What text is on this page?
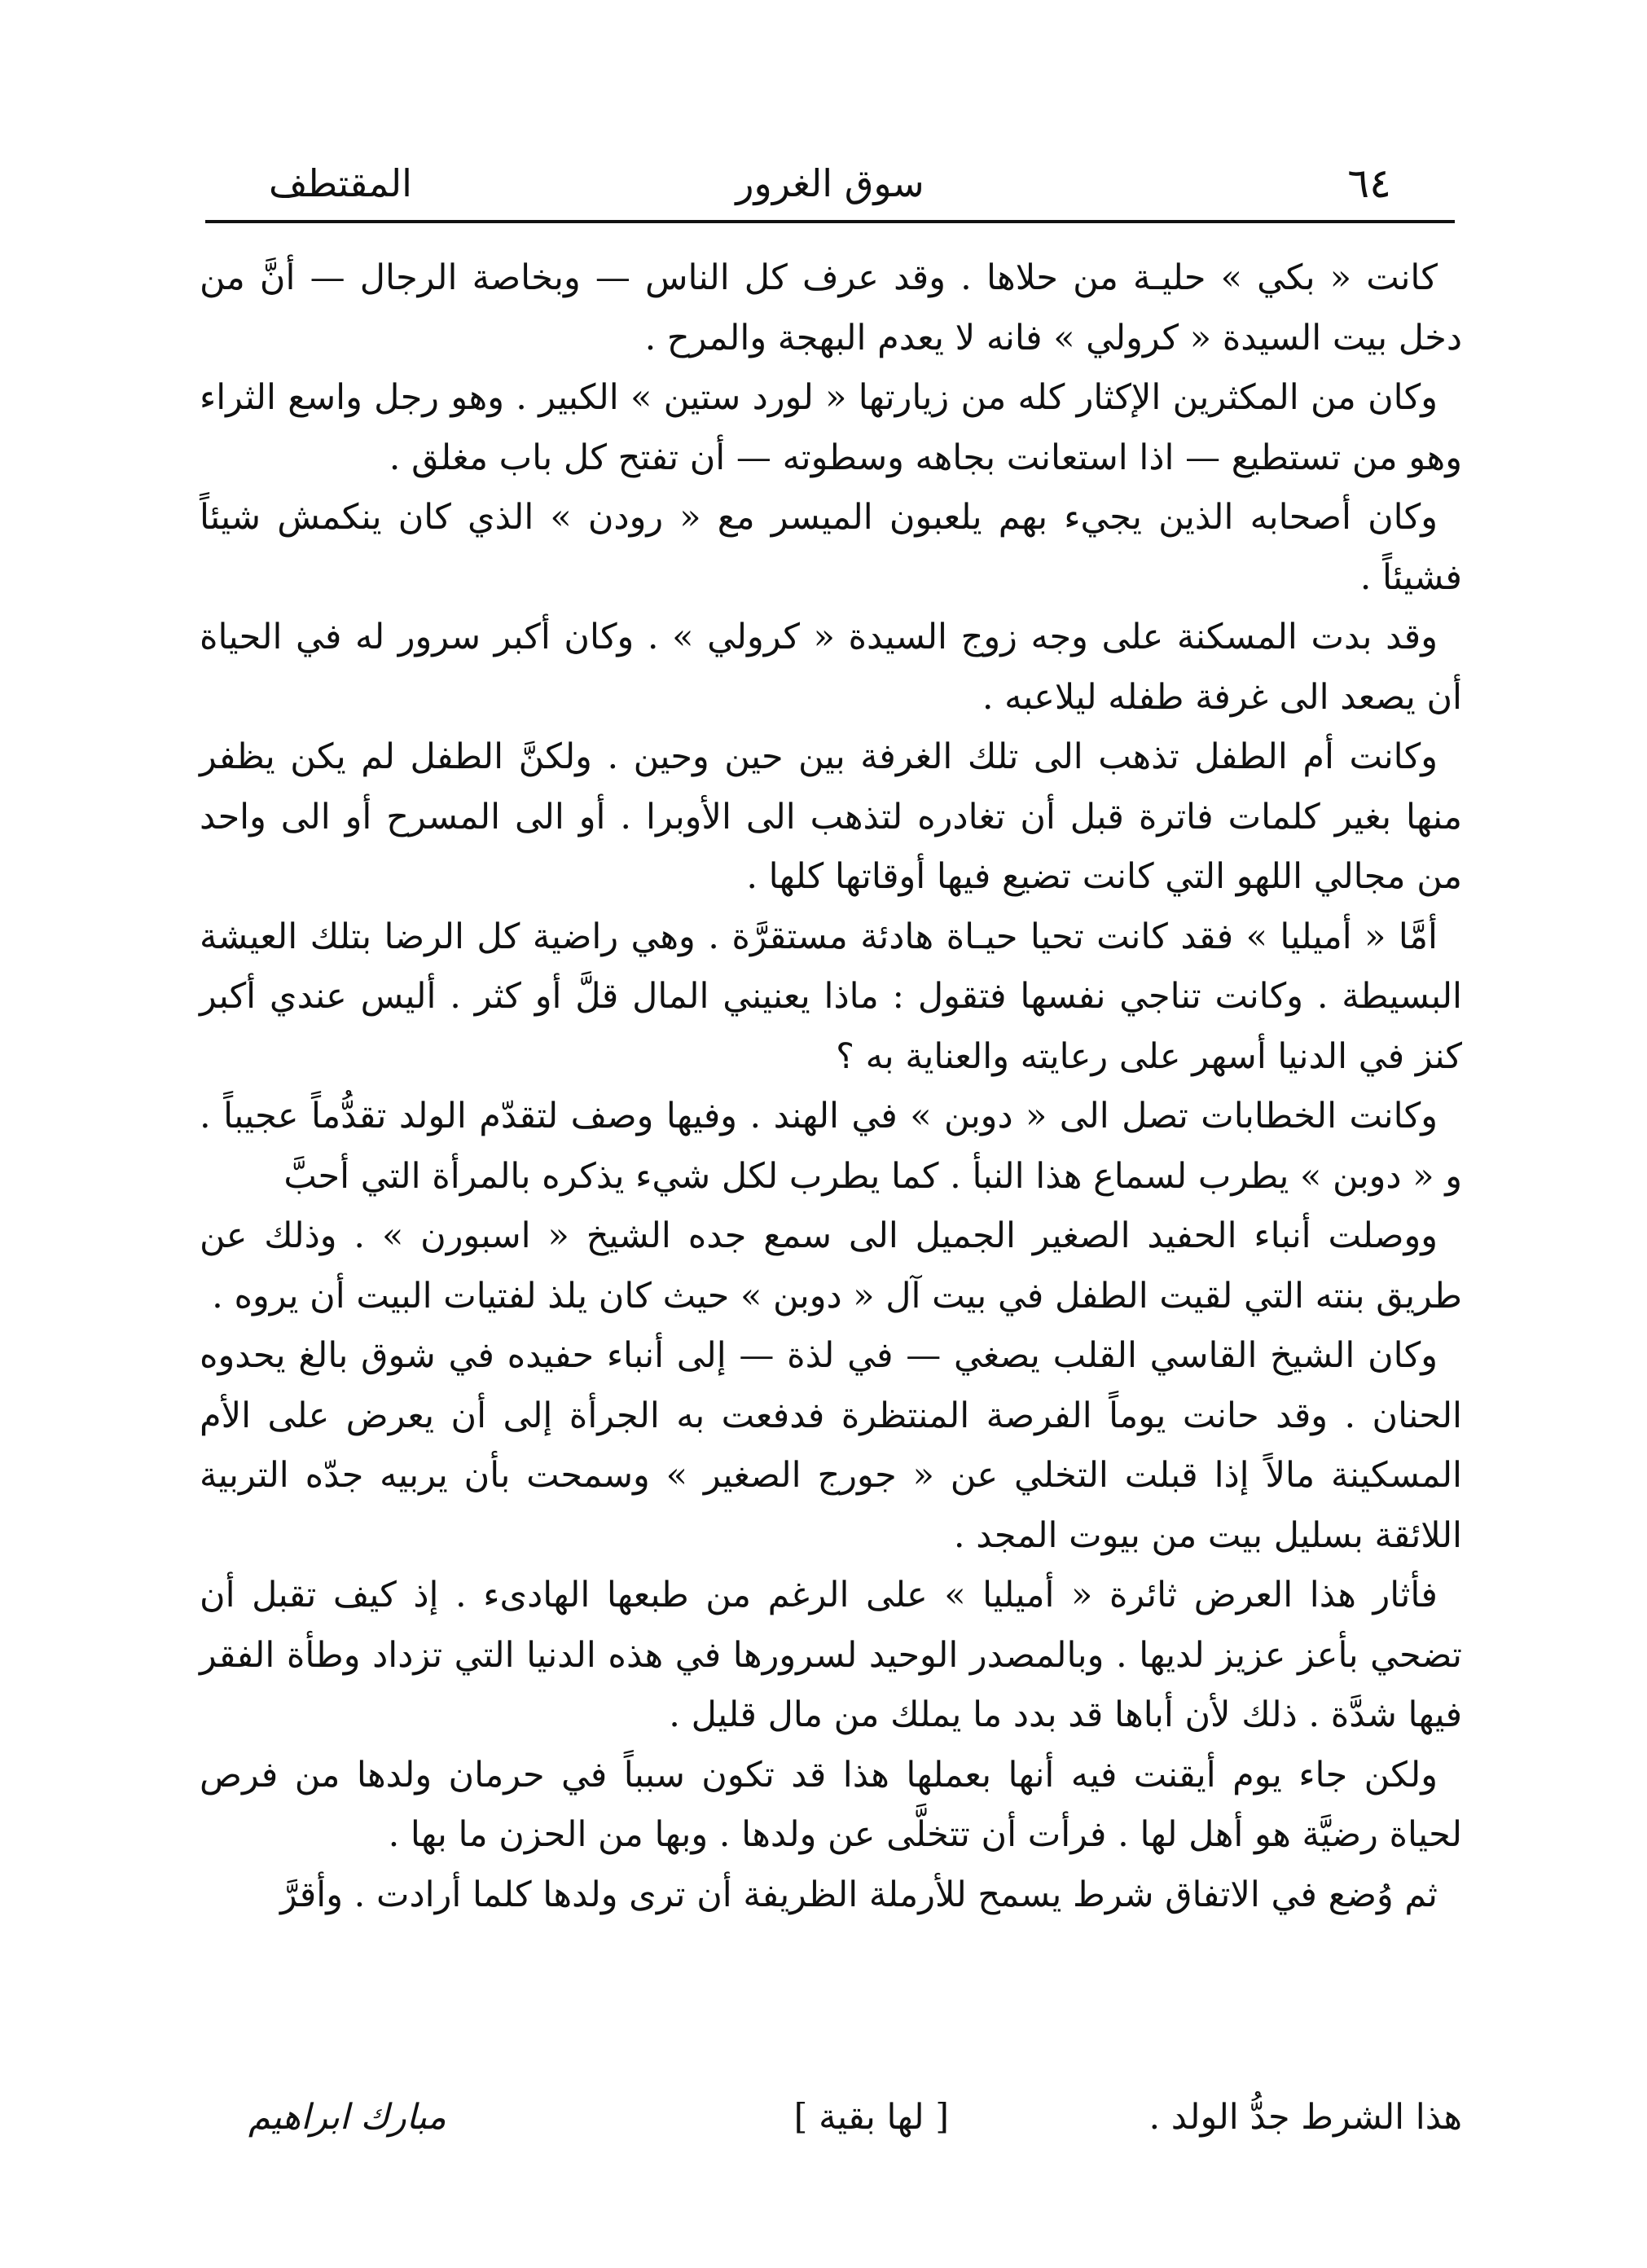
المقتطف	سوق الغرور	٦٤

كانت « بكي » حليـة من حلاها . وقد عرف كل الناس — وبخاصة الرجال — أنَّ من دخل بيت السيدة « كرولي » فانه لا يعدم البهجة والمرح .

وكان من المكثرين الإكثار كله من زيارتها « لورد ستين » الكبير . وهو رجل واسع الثراء وهو من تستطيع — اذا استعانت بجاهه وسطوته — أن تفتح كل باب مغلق .

وكان أصحابه الذين يجيء بهم يلعبون الميسر مع « رودن » الذي كان ينكمش شيئاً فشيئاً .

وقد بدت المسكنة على وجه زوج السيدة « كرولي » . وكان أكبر سرور له في الحياة أن يصعد الى غرفة طفله ليلاعبه .

وكانت أم الطفل تذهب الى تلك الغرفة بين حين وحين . ولكنَّ الطفل لم يكن يظفر منها بغير كلمات فاترة قبل أن تغادره لتذهب الى الأوبرا . أو الى المسرح أو الى واحد من مجالي اللهو التي كانت تضيع فيها أوقاتها كلها .

أمَّا « أميليا » فقد كانت تحيا حيـاة هادئة مستقرَّة . وهي راضية كل الرضا بتلك العيشة البسيطة . وكانت تناجي نفسها فتقول : ماذا يعنيني المال قلَّ أو كثر . أليس عندي أكبر كنز في الدنيا أسهر على رعايته والعناية به ؟

وكانت الخطابات تصل الى « دوبن » في الهند . وفيها وصف لتقدّم الولد تقدُّماً عجيباً . و « دوبن » يطرب لسماع هذا النبأ . كما يطرب لكل شيء يذكره بالمرأة التي أحبَّ

ووصلت أنباء الحفيد الصغير الجميل الى سمع جده الشيخ « اسبورن » . وذلك عن طريق بنته التي لقيت الطفل في بيت آل « دوبن » حيث كان يلذ لفتيات البيت أن يروه .

وكان الشيخ القاسي القلب يصغي — في لذة — إلى أنباء حفيده في شوق بالغ يحدوه الحنان . وقد حانت يوماً الفرصة المنتظرة فدفعت به الجرأة إلى أن يعرض على الأم المسكينة مالاً إذا قبلت التخلي عن « جورج الصغير » وسمحت بأن يربيه جدّه التربية اللائقة بسليل بيت من بيوت المجد .

فأثار هذا العرض ثائرة « أميليا » على الرغم من طبعها الهادىء . إذ كيف تقبل أن تضحي بأعز عزيز لديها . وبالمصدر الوحيد لسرورها في هذه الدنيا التي تزداد وطأة الفقر فيها شدَّة . ذلك لأن أباها قد بدد ما يملك من مال قليل .

ولكن جاء يوم أيقنت فيه أنها بعملها هذا قد تكون سبباً في حرمان ولدها من فرص لحياة رضيَّة هو أهل لها . فرأت أن تتخلَّى عن ولدها . وبها من الحزن ما بها .

ثم وُضع في الاتفاق شرط يسمح للأرملة الظريفة أن ترى ولدها كلما أرادت . وأقرَّ

هذا الشرط جدُّ الولد .
[ لها بقية ]
مبارك ابراهيم
